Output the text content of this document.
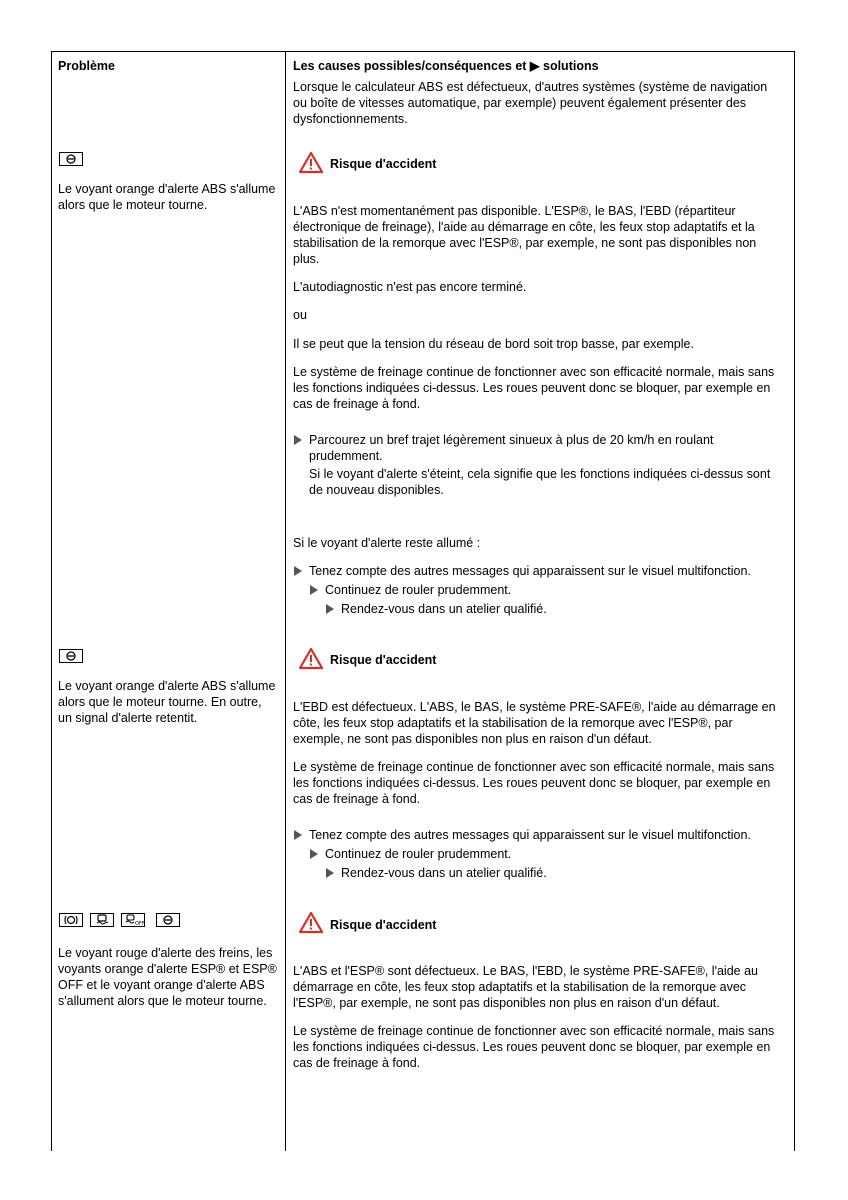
Problème	Les causes possibles/conséquences et ▶ solutions
Lorsque le calculateur ABS est défectueux, d'autres systèmes (système de navigation
ou boîte de vitesses automatique, par exemple) peuvent également présenter des
dysfonctionnements.
Le voyant orange d'alerte ABS s'allume
alors que le moteur tourne.
Risque d'accident
L'ABS n'est momentanément pas disponible. L'ESP®, le BAS, l'EBD (répartiteur
électronique de freinage), l'aide au démarrage en côte, les feux stop adaptatifs et la
stabilisation de la remorque avec l'ESP®, par exemple, ne sont pas disponibles non
plus.
L'autodiagnostic n'est pas encore terminé.
ou
Il se peut que la tension du réseau de bord soit trop basse, par exemple.
Le système de freinage continue de fonctionner avec son efficacité normale, mais sans
les fonctions indiquées ci-dessus. Les roues peuvent donc se bloquer, par exemple en
cas de freinage à fond.
Parcourez un bref trajet légèrement sinueux à plus de 20 km/h en roulant
prudemment.
Si le voyant d'alerte s'éteint, cela signifie que les fonctions indiquées ci-dessus sont
de nouveau disponibles.
Si le voyant d'alerte reste allumé :
Tenez compte des autres messages qui apparaissent sur le visuel multifonction.
Continuez de rouler prudemment.
Rendez-vous dans un atelier qualifié.
Le voyant orange d'alerte ABS s'allume
alors que le moteur tourne. En outre,
un signal d'alerte retentit.
Risque d'accident
L'EBD est défectueux. L'ABS, le BAS, le système PRE-SAFE®, l'aide au démarrage en
côte, les feux stop adaptatifs et la stabilisation de la remorque avec l'ESP®, par
exemple, ne sont pas disponibles non plus en raison d'un défaut.
Le système de freinage continue de fonctionner avec son efficacité normale, mais sans
les fonctions indiquées ci-dessus. Les roues peuvent donc se bloquer, par exemple en
cas de freinage à fond.
Tenez compte des autres messages qui apparaissent sur le visuel multifonction.
Continuez de rouler prudemment.
Rendez-vous dans un atelier qualifié.
OFF
Le voyant rouge d'alerte des freins, les
voyants orange d'alerte ESP® et ESP®
OFF et le voyant orange d'alerte ABS
s'allument alors que le moteur tourne.
Risque d'accident
L'ABS et l'ESP® sont défectueux. Le BAS, l'EBD, le système PRE-SAFE®, l'aide au
démarrage en côte, les feux stop adaptatifs et la stabilisation de la remorque avec
l'ESP®, par exemple, ne sont pas disponibles non plus en raison d'un défaut.
Le système de freinage continue de fonctionner avec son efficacité normale, mais sans
les fonctions indiquées ci-dessus. Les roues peuvent donc se bloquer, par exemple en
cas de freinage à fond.
